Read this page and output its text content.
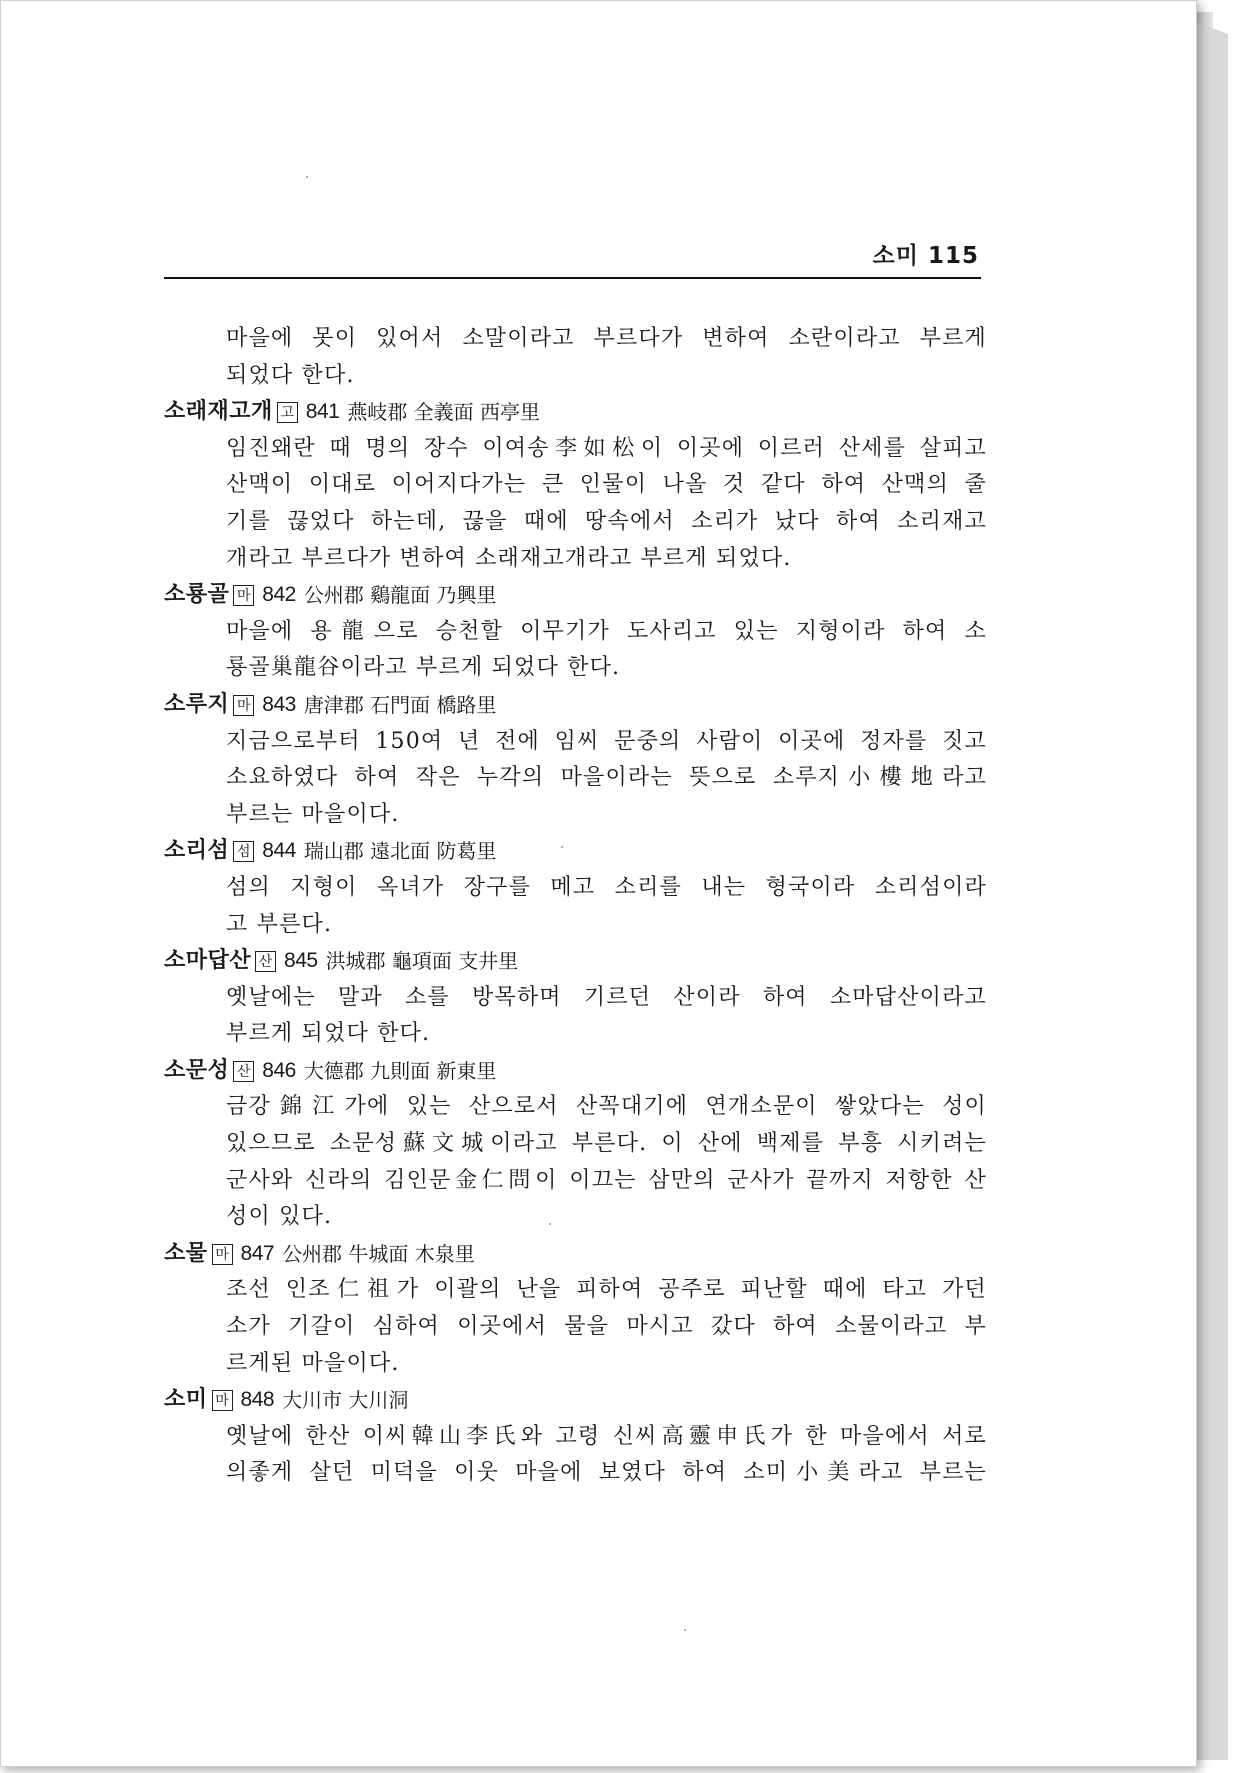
소미 115
마을에 못이 있어서 소말이라고 부르다가 변하여 소란이라고 부르게
되었다 한다.
소래재고개 고 841 燕岐郡 全義面 西亭里
임진왜란 때 명의 장수 이여송李如松이 이곳에 이르러 산세를 살피고
산맥이 이대로 이어지다가는 큰 인물이 나올 것 같다 하여 산맥의 줄
기를 끊었다 하는데, 끊을 때에 땅속에서 소리가 났다 하여 소리재고
개라고 부르다가 변하여 소래재고개라고 부르게 되었다.
소룡골 마 842 公州郡 鷄龍面 乃興里
마을에 용龍으로 승천할 이무기가 도사리고 있는 지형이라 하여 소
룡골巢龍谷이라고 부르게 되었다 한다.
소루지 마 843 唐津郡 石門面 橋路里
지금으로부터 150여 년 전에 임씨 문중의 사람이 이곳에 정자를 짓고
소요하였다 하여 작은 누각의 마을이라는 뜻으로 소루지小樓地라고
부르는 마을이다.
소리섬 섬 844 瑞山郡 遠北面 防葛里
섬의 지형이 옥녀가 장구를 메고 소리를 내는 형국이라 소리섬이라
고 부른다.
소마답산 산 845 洪城郡 龜項面 支井里
옛날에는 말과 소를 방목하며 기르던 산이라 하여 소마답산이라고
부르게 되었다 한다.
소문성 산 846 大德郡 九則面 新東里
금강錦江가에 있는 산으로서 산꼭대기에 연개소문이 쌓았다는 성이
있으므로 소문성蘇文城이라고 부른다. 이 산에 백제를 부흥 시키려는
군사와 신라의 김인문金仁問이 이끄는 삼만의 군사가 끝까지 저항한 산
성이 있다.
소물 마 847 公州郡 牛城面 木泉里
조선 인조仁祖가 이괄의 난을 피하여 공주로 피난할 때에 타고 가던
소가 기갈이 심하여 이곳에서 물을 마시고 갔다 하여 소물이라고 부
르게된 마을이다.
소미 마 848 大川市 大川洞
옛날에 한산 이씨韓山李氏와 고령 신씨高靈申氏가 한 마을에서 서로
의좋게 살던 미덕을 이웃 마을에 보였다 하여 소미小美라고 부르는
